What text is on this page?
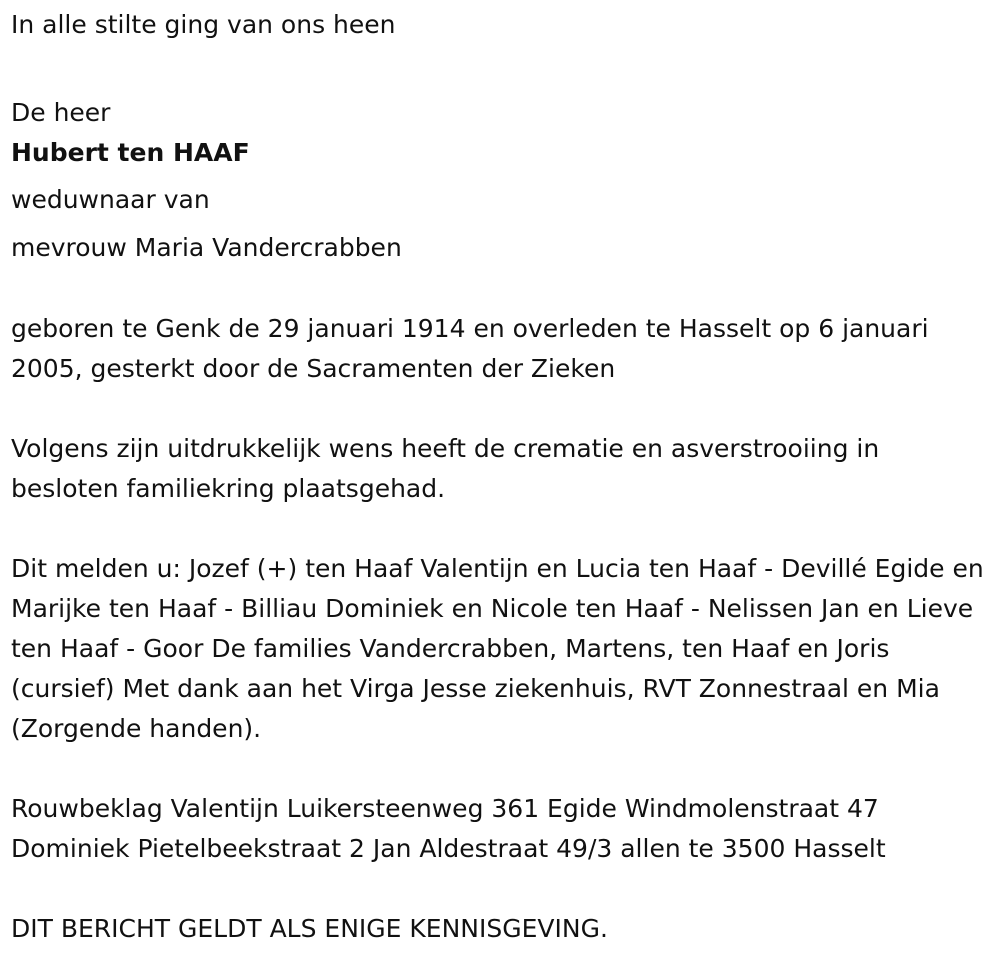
In alle stilte ging van ons heen

De heer

Hubert ten HAAF

weduwnaar van

mevrouw Maria Vandercrabben

geboren te Genk de 29 januari 1914 en overleden te Hasselt op 6 januari 2005, gesterkt door de Sacramenten der Zieken

Volgens zijn uitdrukkelijk wens heeft de crematie en asverstrooiing in besloten familiekring plaatsgehad.

Dit melden u: Jozef (+) ten Haaf Valentijn en Lucia ten Haaf - Devillé Egide en Marijke ten Haaf - Billiau Dominiek en Nicole ten Haaf - Nelissen Jan en Lieve ten Haaf - Goor De families Vandercrabben, Martens, ten Haaf en Joris (cursief) Met dank aan het Virga Jesse ziekenhuis, RVT Zonnestraal en Mia (Zorgende handen).

Rouwbeklag Valentijn Luikersteenweg 361 Egide Windmolenstraat 47 Dominiek Pietelbeekstraat 2 Jan Aldestraat 49/3 allen te 3500 Hasselt

DIT BERICHT GELDT ALS ENIGE KENNISGEVING.
